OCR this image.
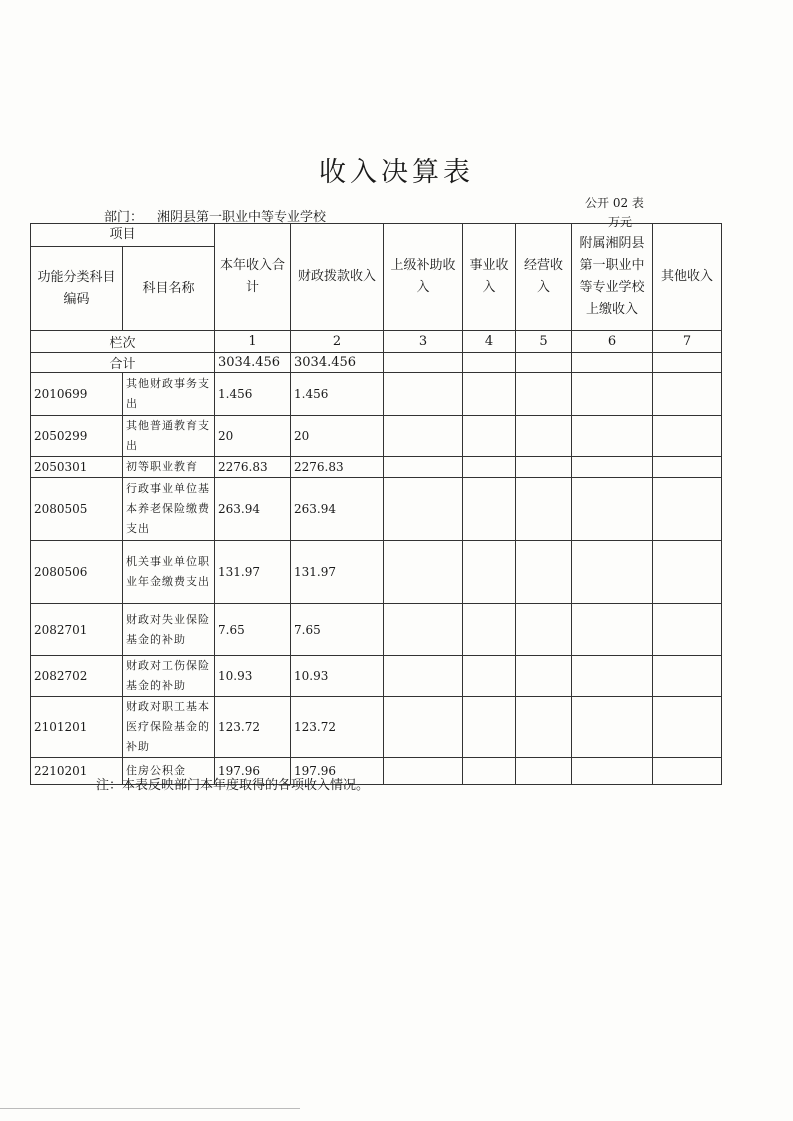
收入决算表
部门： 湘阴县第一职业中等专业学校
公开 02 表
万元
项目		本年收入合计	财政拨款收入	上级补助收入	事业收入	经营收入	附属湘阴县第一职业中等专业学校上缴收入	其他收入
功能分类科目编码	科目名称							
栏次		1	2	3	4	5	6	7
合计		3034.456	3034.456					
2010699	其他财政事务支出	1.456	1.456					
2050299	其他普通教育支出	20	20					
2050301	初等职业教育	2276.83	2276.83					
2080505	行政事业单位基本养老保险缴费支出	263.94	263.94					
2080506	机关事业单位职业年金缴费支出	131.97	131.97					
2082701	财政对失业保险基金的补助	7.65	7.65					
2082702	财政对工伤保险基金的补助	10.93	10.93					
2101201	财政对职工基本医疗保险基金的补助	123.72	123.72					
2210201	住房公积金	197.96	197.96					
注：本表反映部门本年度取得的各项收入情况。
